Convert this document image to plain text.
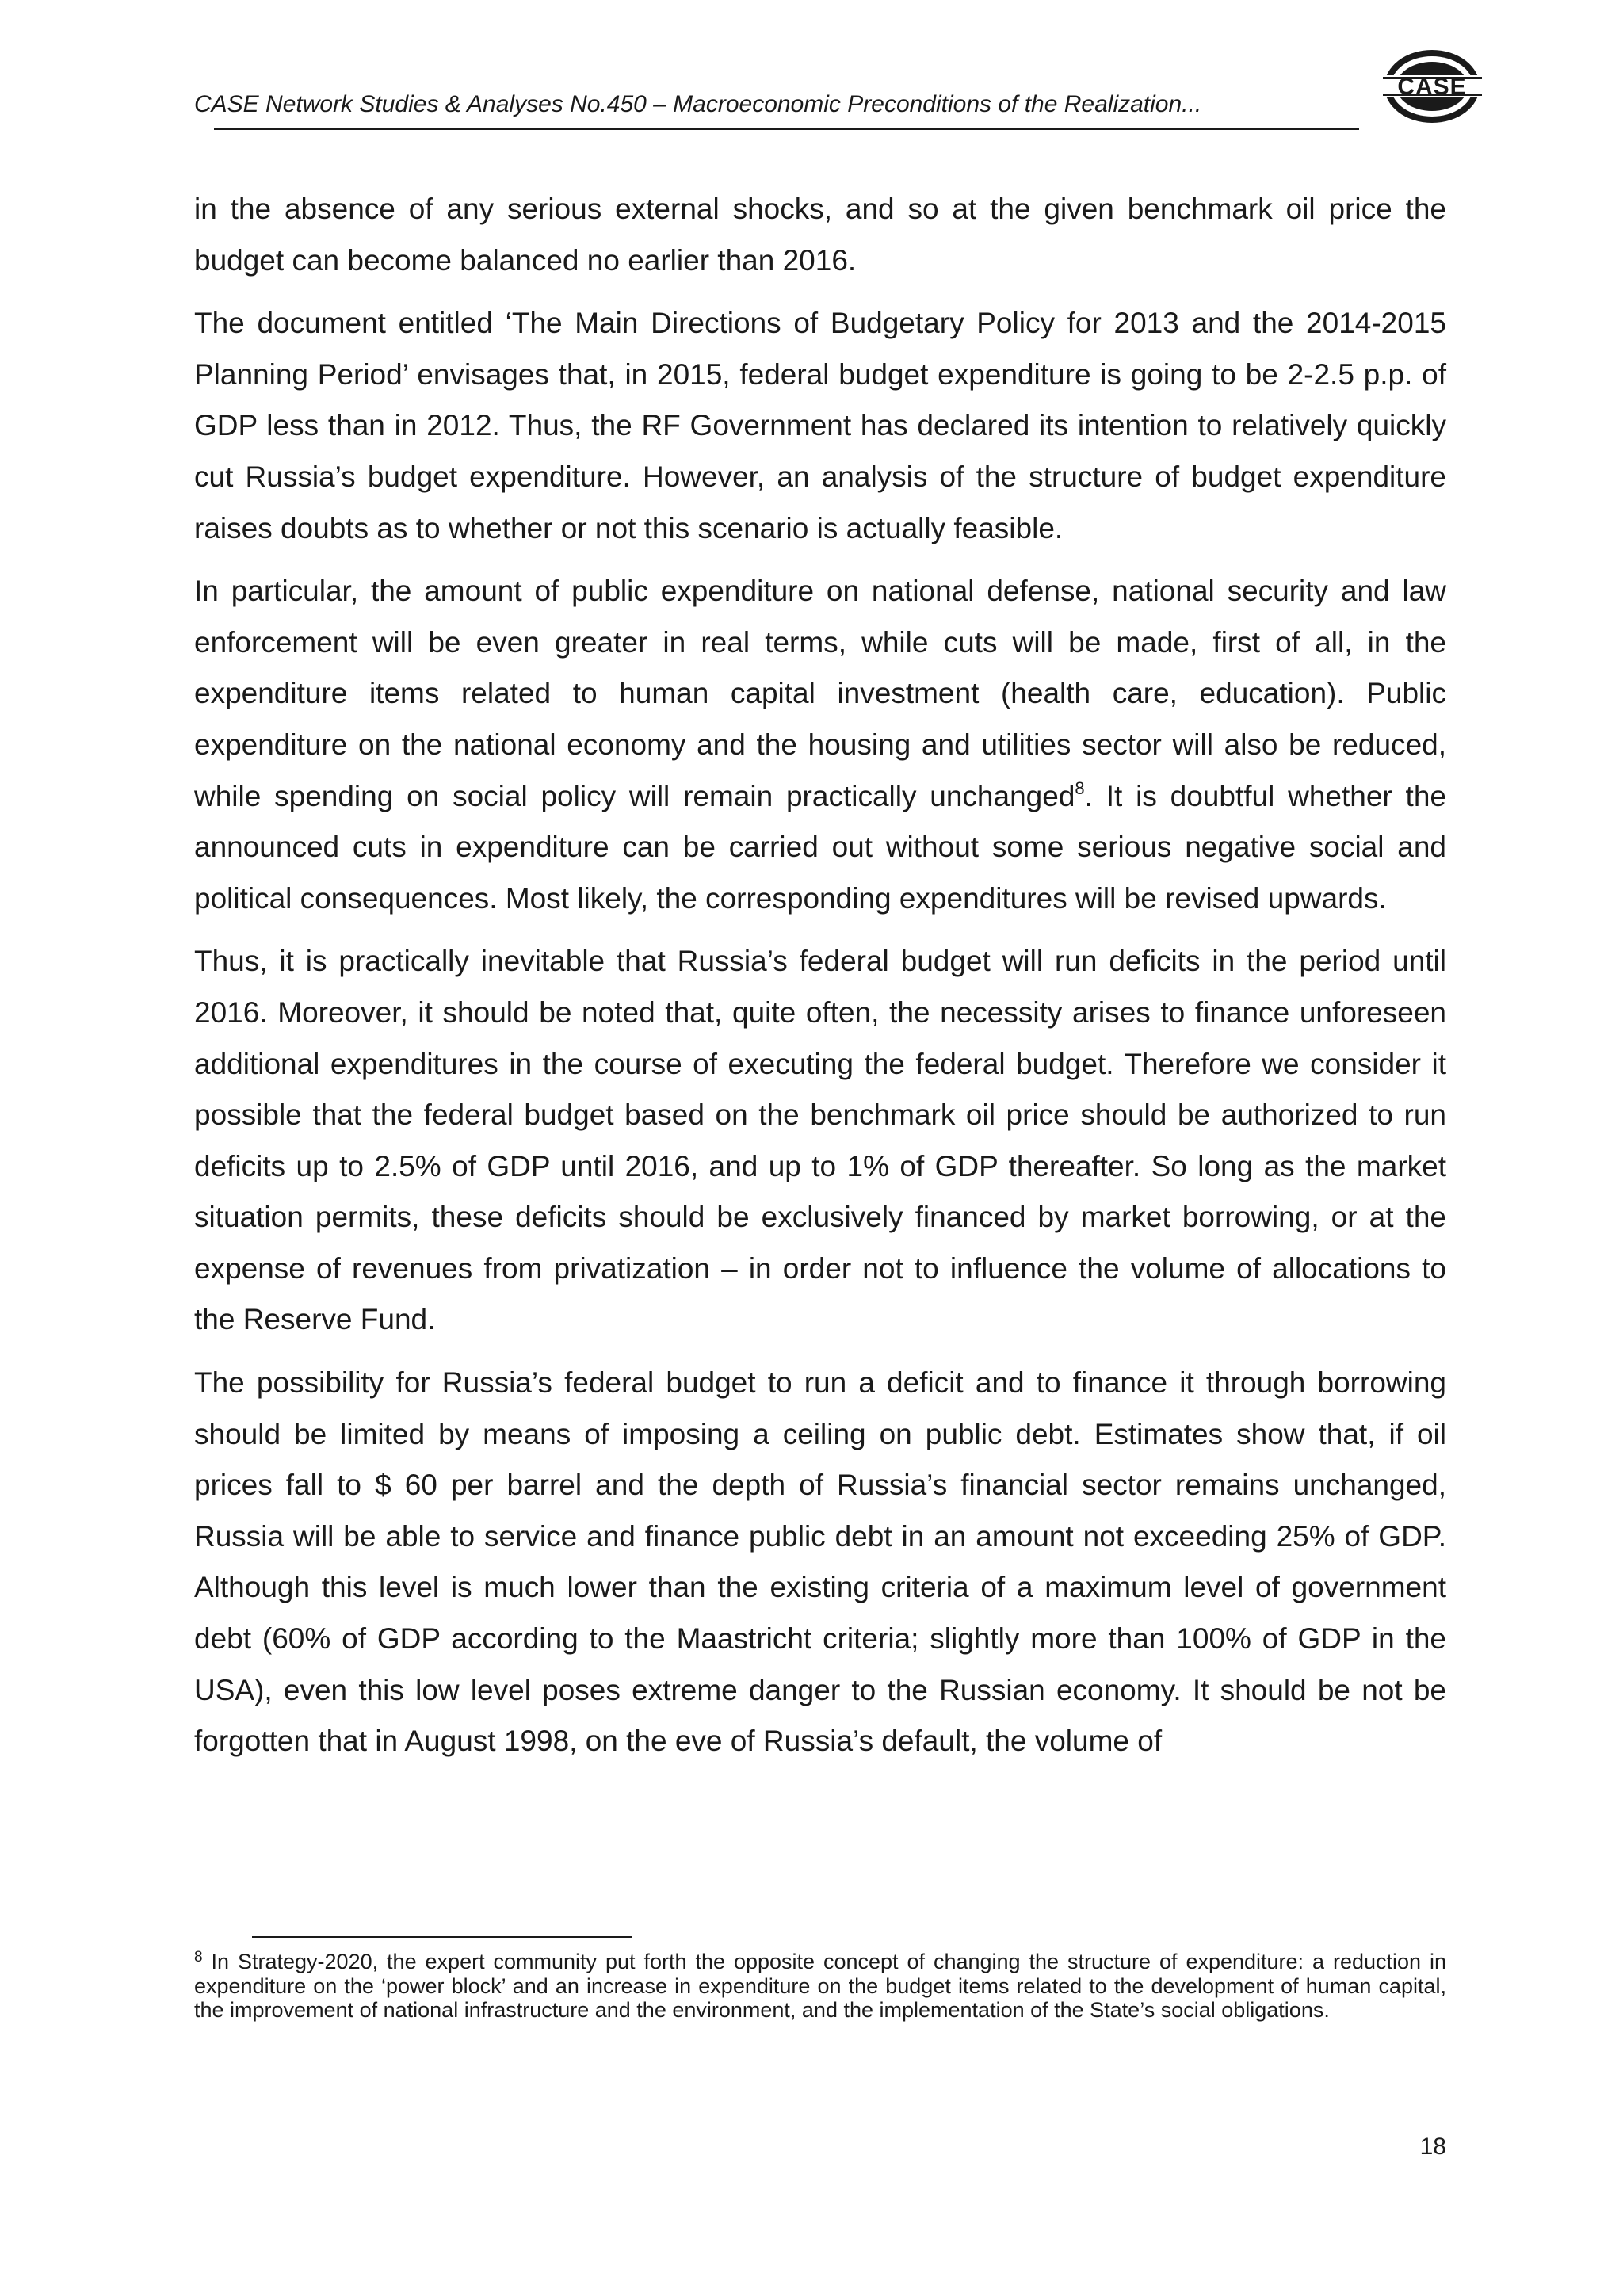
CASE Network Studies & Analyses No.450 – Macroeconomic Preconditions of the Realization...

CASE

in the absence of any serious external shocks, and so at the given benchmark oil price the budget can become balanced no earlier than 2016.

The document entitled ‘The Main Directions of Budgetary Policy for 2013 and the 2014-2015 Planning Period’ envisages that, in 2015, federal budget expenditure is going to be 2-2.5 p.p. of GDP less than in 2012. Thus, the RF Government has declared its intention to relatively quickly cut Russia’s budget expenditure. However, an analysis of the structure of budget expenditure raises doubts as to whether or not this scenario is actually feasible.

In particular, the amount of public expenditure on national defense, national security and law enforcement will be even greater in real terms, while cuts will be made, first of all, in the expenditure items related to human capital investment (health care, education). Public expenditure on the national economy and the housing and utilities sector will also be reduced, while spending on social policy will remain practically unchanged$^8$. It is doubtful whether the announced cuts in expenditure can be carried out without some serious negative social and political consequences. Most likely, the corresponding expenditures will be revised upwards.

Thus, it is practically inevitable that Russia’s federal budget will run deficits in the period until 2016. Moreover, it should be noted that, quite often, the necessity arises to finance unforeseen additional expenditures in the course of executing the federal budget. Therefore we consider it possible that the federal budget based on the benchmark oil price should be authorized to run deficits up to 2.5% of GDP until 2016, and up to 1% of GDP thereafter. So long as the market situation permits, these deficits should be exclusively financed by market borrowing, or at the expense of revenues from privatization – in order not to influence the volume of allocations to the Reserve Fund.

The possibility for Russia’s federal budget to run a deficit and to finance it through borrowing should be limited by means of imposing a ceiling on public debt. Estimates show that, if oil prices fall to $ 60 per barrel and the depth of Russia’s financial sector remains unchanged, Russia will be able to service and finance public debt in an amount not exceeding 25% of GDP. Although this level is much lower than the existing criteria of a maximum level of government debt (60% of GDP according to the Maastricht criteria; slightly more than 100% of GDP in the USA), even this low level poses extreme danger to the Russian economy. It should be not be forgotten that in August 1998, on the eve of Russia’s default, the volume of

$^8$ In Strategy-2020, the expert community put forth the opposite concept of changing the structure of expenditure: a reduction in expenditure on the ‘power block’ and an increase in expenditure on the budget items related to the development of human capital, the improvement of national infrastructure and the environment, and the implementation of the State’s social obligations.

18
